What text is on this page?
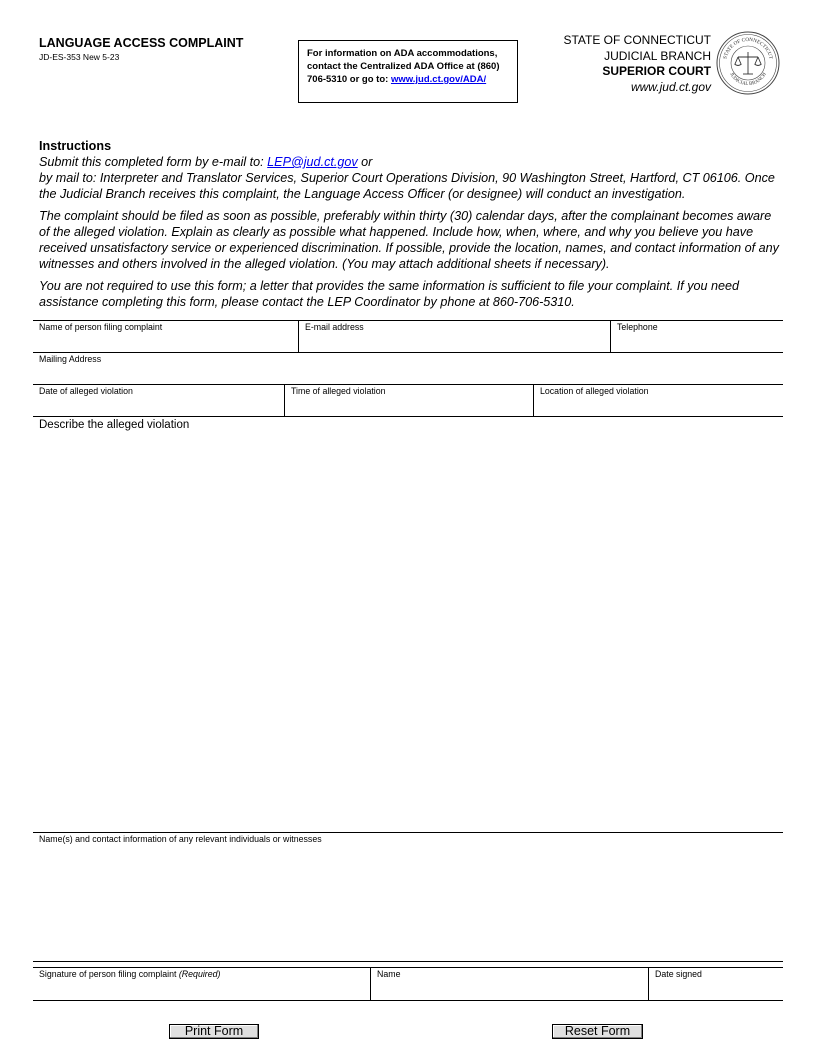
LANGUAGE ACCESS COMPLAINT
JD-ES-353 New 5-23	For information on ADA accommodations, contact the Centralized ADA Office at (860) 706-5310 or go to: www.jud.ct.gov/ADA/
STATE OF CONNECTICUT
JUDICIAL BRANCH
SUPERIOR COURT
www.jud.ct.gov
STATE OF CONNECTICUT
JUDICIAL BRANCH
Instructions

Submit this completed form by e-mail to: LEP@jud.ct.gov or
by mail to: Interpreter and Translator Services, Superior Court Operations Division, 90 Washington Street, Hartford, CT 06106. Once the Judicial Branch receives this complaint, the Language Access Officer (or designee) will conduct an investigation.

The complaint should be filed as soon as possible, preferably within thirty (30) calendar days, after the complainant becomes aware of the alleged violation. Explain as clearly as possible what happened. Include how, when, where, and why you believe you have received unsatisfactory service or experienced discrimination. If possible, provide the location, names, and contact information of any witnesses and others involved in the alleged violation. (You may attach additional sheets if necessary).

You are not required to use this form; a letter that provides the same information is sufficient to file your complaint. If you need assistance completing this form, please contact the LEP Coordinator by phone at 860-706-5310.

Name of person filing complaint	E-mail address	Telephone
Mailing Address
Date of alleged violation	Time of alleged violation	Location of alleged violation
Describe the alleged violation
Name(s) and contact information of any relevant individuals or witnesses
Signature of person filing complaint (Required)	Name	Date signed
Print Form	Reset Form
